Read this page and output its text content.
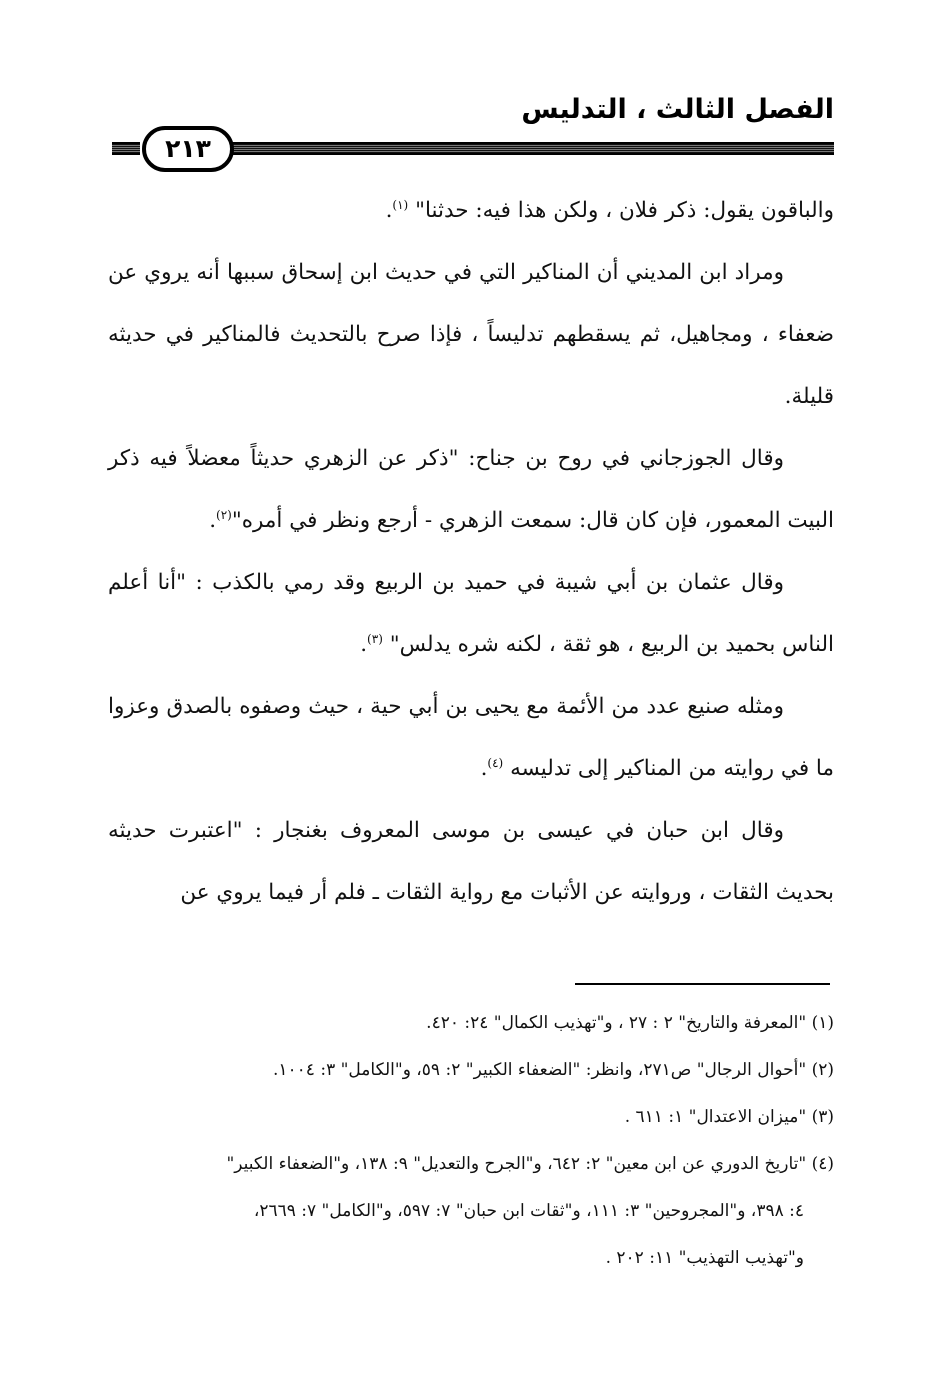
الفصل الثالث ، التدليس
٢١٣

والباقون يقول: ذكر فلان ، ولكن هذا فيه: حدثنا" $^{(١)}$.

ومراد ابن المديني أن المناكير التي في حديث ابن إسحاق سببها أنه يروي عن ضعفاء ، ومجاهيل، ثم يسقطهم تدليساً ، فإذا صرح بالتحديث فالمناكير في حديثه قليلة.

وقال الجوزجاني في روح بن جناح: "ذكر عن الزهري حديثاً معضلاً فيه ذكر البيت المعمور، فإن كان قال: سمعت الزهري - أرجع ونظر في أمره"$^{(٢)}$.

وقال عثمان بن أبي شيبة في حميد بن الربيع وقد رمي بالكذب : "أنا أعلم الناس بحميد بن الربيع ، هو ثقة ، لكنه شره يدلس" $^{(٣)}$.

ومثله صنيع عدد من الأئمة مع يحيى بن أبي حية ، حيث وصفوه بالصدق وعزوا ما في روايته من المناكير إلى تدليسه $^{(٤)}$.

وقال ابن حبان في عيسى بن موسى المعروف بغنجار : "اعتبرت حديثه بحديث الثقات ، وروايته عن الأثبات مع رواية الثقات ـ فلم أر فيما يروي عن

(١) "المعرفة والتاريخ" ٢ : ٢٧ ، و"تهذيب الكمال" ٢٤: ٤٢٠.

(٢) "أحوال الرجال" ص٢٧١، وانظر: "الضعفاء الكبير" ٢: ٥٩، و"الكامل" ٣: ١٠٠٤.

(٣) "ميزان الاعتدال" ١: ٦١١ .

(٤) "تاريخ الدوري عن ابن معين" ٢: ٦٤٢، و"الجرح والتعديل" ٩: ١٣٨، و"الضعفاء الكبير"

٤: ٣٩٨، و"المجروحين" ٣: ١١١، و"ثقات ابن حبان" ٧: ٥٩٧، و"الكامل" ٧: ٢٦٦٩،

و"تهذيب التهذيب" ١١: ٢٠٢ .
